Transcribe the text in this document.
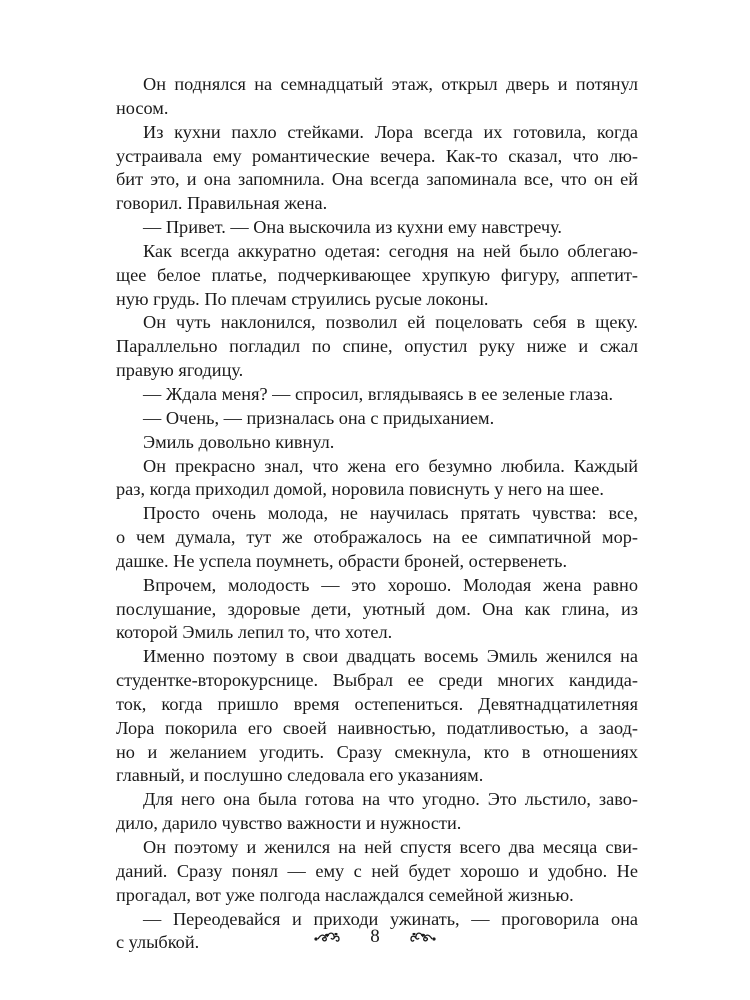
Он поднялся на семнадцатый этаж, открыл дверь и потянул
носом.
Из кухни пахло стейками. Лора всегда их готовила, когда
устраивала ему романтические вечера. Как-то сказал, что лю-
бит это, и она запомнила. Она всегда запоминала все, что он ей
говорил. Правильная жена.
— Привет. — Она выскочила из кухни ему навстречу.
Как всегда аккуратно одетая: сегодня на ней было облегаю-
щее белое платье, подчеркивающее хрупкую фигуру, аппетит-
ную грудь. По плечам струились русые локоны.
Он чуть наклонился, позволил ей поцеловать себя в щеку.
Параллельно погладил по спине, опустил руку ниже и сжал
правую ягодицу.
— Ждала меня? — спросил, вглядываясь в ее зеленые глаза.
— Очень, — призналась она с придыханием.
Эмиль довольно кивнул.
Он прекрасно знал, что жена его безумно любила. Каждый
раз, когда приходил домой, норовила повиснуть у него на шее.
Просто очень молода, не научилась прятать чувства: все,
о чем думала, тут же отображалось на ее симпатичной мор-
дашке. Не успела поумнеть, обрасти броней, остервенеть.
Впрочем, молодость — это хорошо. Молодая жена равно
послушание, здоровые дети, уютный дом. Она как глина, из
которой Эмиль лепил то, что хотел.
Именно поэтому в свои двадцать восемь Эмиль женился на
студентке-второкурснице. Выбрал ее среди многих кандида-
ток, когда пришло время остепениться. Девятнадцатилетняя
Лора покорила его своей наивностью, податливостью, а заод-
но и желанием угодить. Сразу смекнула, кто в отношениях
главный, и послушно следовала его указаниям.
Для него она была готова на что угодно. Это льстило, заво-
дило, дарило чувство важности и нужности.
Он поэтому и женился на ней спустя всего два месяца сви-
даний. Сразу понял — ему с ней будет хорошо и удобно. Не
прогадал, вот уже полгода наслаждался семейной жизнью.
— Переодевайся и приходи ужинать, — проговорила она
с улыбкой.	8
